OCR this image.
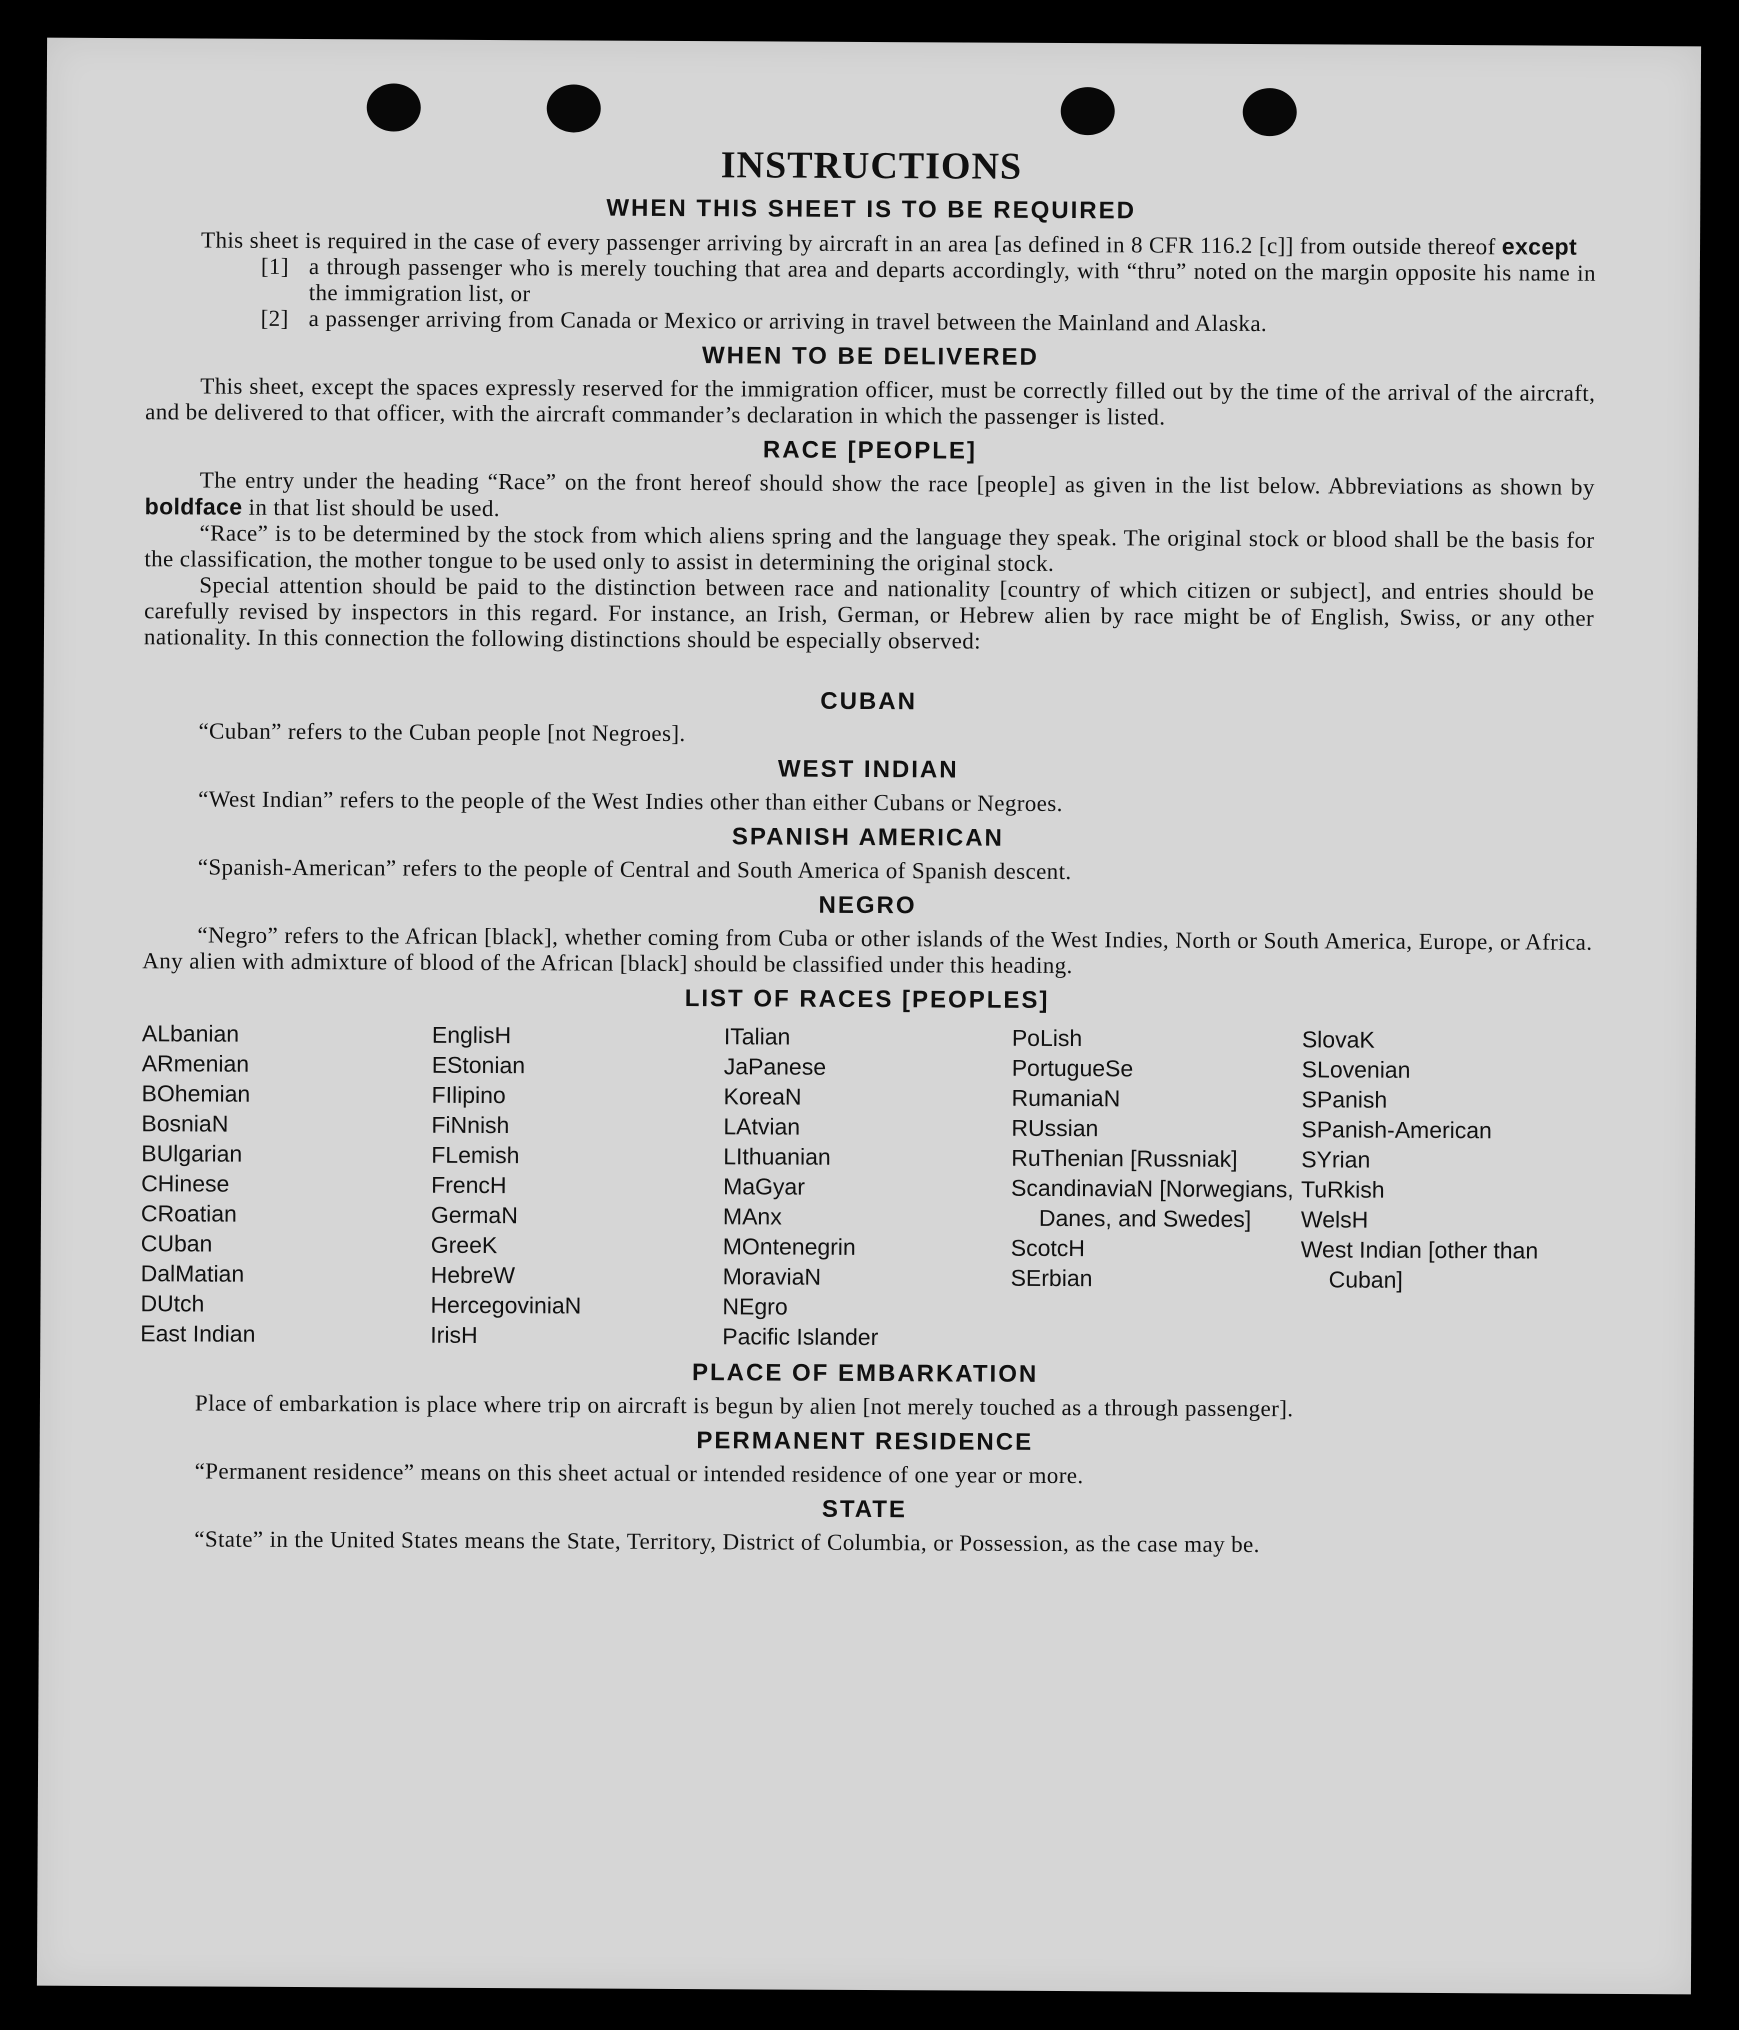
INSTRUCTIONS
WHEN THIS SHEET IS TO BE REQUIRED

This sheet is required in the case of every passenger arriving by aircraft in an area [as defined in 8 CFR 116.2 [c]] from outside thereof except

[1] a through passenger who is merely touching that area and departs accordingly, with “thru” noted on the margin opposite his name in the immigration list, or
[2] a passenger arriving from Canada or Mexico or arriving in travel between the Mainland and Alaska.
WHEN TO BE DELIVERED

This sheet, except the spaces expressly reserved for the immigration officer, must be correctly filled out by the time of the arrival of the aircraft, and be delivered to that officer, with the aircraft commander’s declaration in which the passenger is listed.

RACE [PEOPLE]

The entry under the heading “Race” on the front hereof should show the race [people] as given in the list below. Abbreviations as shown by boldface in that list should be used.

“Race” is to be determined by the stock from which aliens spring and the language they speak. The original stock or blood shall be the basis for the classification, the mother tongue to be used only to assist in determining the original stock.

Special attention should be paid to the distinction between race and nationality [country of which citizen or subject], and entries should be carefully revised by inspectors in this regard. For instance, an Irish, German, or Hebrew alien by race might be of English, Swiss, or any other nationality. In this connection the following distinctions should be especially observed:

CUBAN

“Cuban” refers to the Cuban people [not Negroes].

WEST INDIAN

“West Indian” refers to the people of the West Indies other than either Cubans or Negroes.

SPANISH AMERICAN

“Spanish-American” refers to the people of Central and South America of Spanish descent.

NEGRO

“Negro” refers to the African [black], whether coming from Cuba or other islands of the West Indies, North or South America, Europe, or Africa. Any alien with admixture of blood of the African [black] should be classified under this heading.

LIST OF RACES [PEOPLES]
ALbanian
ARmenian
BOhemian
BosniaN
BUlgarian
CHinese
CRoatian
CUban
DalMatian
DUtch
East Indian
EnglisH
EStonian
FIlipino
FiNnish
FLemish
FrencH
GermaN
GreeK
HebreW
HercegoviniaN
IrisH
ITalian
JaPanese
KoreaN
LAtvian
LIthuanian
MaGyar
MAnx
MOntenegrin
MoraviaN
NEgro
Pacific Islander
PoLish
PortugueSe
RumaniaN
RUssian
RuThenian [Russniak]
ScandinaviaN [Norwegians, Danes, and Swedes]
ScotcH
SErbian
SlovaK
SLovenian
SPanish
SPanish-American
SYrian
TuRkish
WelsH
West Indian [other than Cuban]
PLACE OF EMBARKATION

Place of embarkation is place where trip on aircraft is begun by alien [not merely touched as a through passenger].

PERMANENT RESIDENCE

“Permanent residence” means on this sheet actual or intended residence of one year or more.

STATE

“State” in the United States means the State, Territory, District of Columbia, or Possession, as the case may be.
